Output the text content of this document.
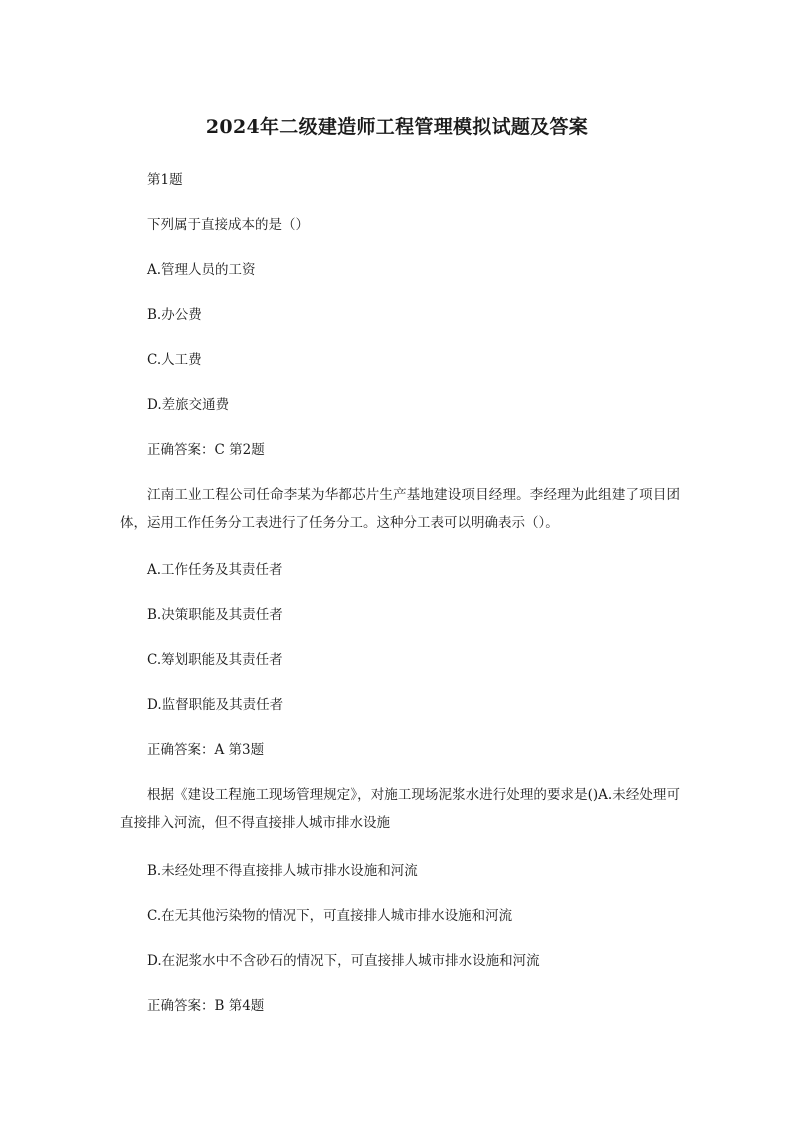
2024年二级建造师工程管理模拟试题及答案
第1题
下列属于直接成本的是（）
A.管理人员的工资
B.办公费
C.人工费
D.差旅交通费
正确答案：C 第2题
江南工业工程公司任命李某为华都芯片生产基地建设项目经理。李经理为此组建了项目团体，运用工作任务分工表进行了任务分工。这种分工表可以明确表示（）。
A.工作任务及其责任者
B.决策职能及其责任者
C.筹划职能及其责任者
D.监督职能及其责任者
正确答案：A 第3题
根据《建设工程施工现场管理规定》，对施工现场泥浆水进行处理的要求是()A.未经处理可直接排入河流，但不得直接排人城市排水设施
B.未经处理不得直接排人城市排水设施和河流
C.在无其他污染物的情况下，可直接排人城市排水设施和河流
D.在泥浆水中不含砂石的情况下，可直接排人城市排水设施和河流
正确答案：B 第4题
